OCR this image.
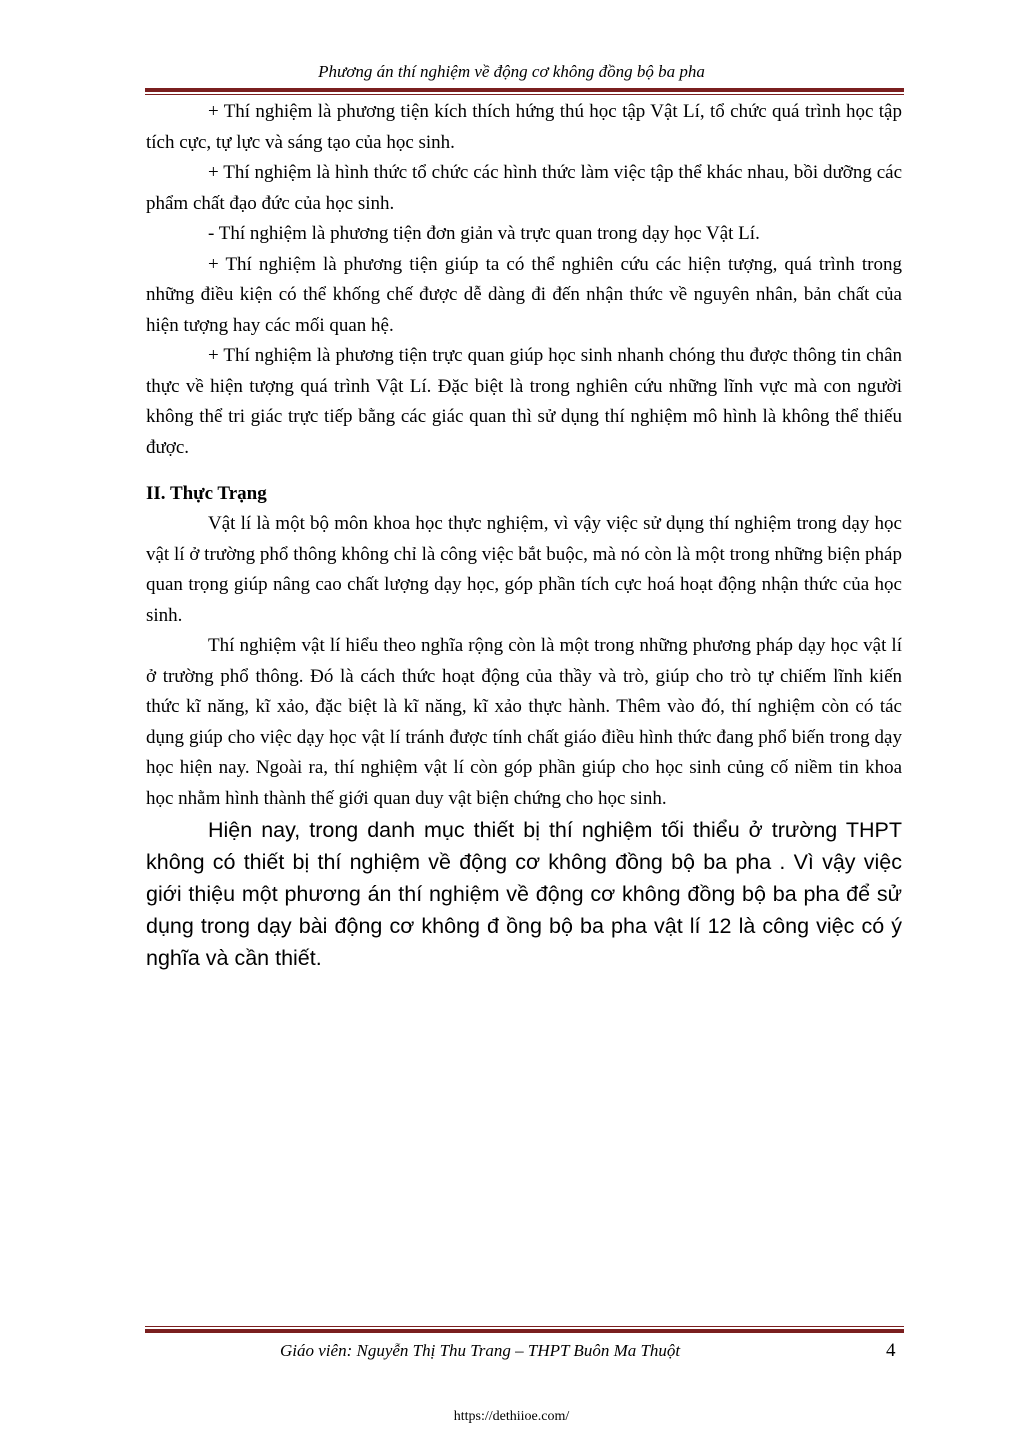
Phương án thí nghiệm về động cơ không đồng bộ ba pha

+ Thí nghiệm là phương tiện kích thích hứng thú học tập Vật Lí, tổ chức quá trình học tập tích cực, tự lực và sáng tạo của học sinh.

+ Thí nghiệm là hình thức tổ chức các hình thức làm việc tập thể khác nhau, bồi dưỡng các phẩm chất đạo đức của học sinh.

- Thí nghiệm là phương tiện đơn giản và trực quan trong dạy học Vật Lí.

+ Thí nghiệm là phương tiện giúp ta có thể nghiên cứu các hiện tượng, quá trình trong những điều kiện có thể khống chế được dễ dàng đi đến nhận thức về nguyên nhân, bản chất của hiện tượng hay các mối quan hệ.

+ Thí nghiệm là phương tiện trực quan giúp học sinh nhanh chóng thu được thông tin chân thực về hiện tượng quá trình Vật Lí. Đặc biệt là trong nghiên cứu những lĩnh vực mà con người không thể tri giác trực tiếp bằng các giác quan thì sử dụng thí nghiệm mô hình là không thể thiếu được.

II. Thực Trạng

Vật lí là một bộ môn khoa học thực nghiệm, vì vậy việc sử dụng thí nghiệm trong dạy học vật lí ở trường phổ thông không chỉ là công việc bắt buộc, mà nó còn là một trong những biện pháp quan trọng giúp nâng cao chất lượng dạy học, góp phần tích cực hoá hoạt động nhận thức của học sinh.

Thí nghiệm vật lí hiểu theo nghĩa rộng còn là một trong những phương pháp dạy học vật lí ở trường phổ thông. Đó là cách thức hoạt động của thầy và trò, giúp cho trò tự chiếm lĩnh kiến thức kĩ năng, kĩ xảo, đặc biệt là kĩ năng, kĩ xảo thực hành. Thêm vào đó, thí nghiệm còn có tác dụng giúp cho việc dạy học vật lí tránh được tính chất giáo điều hình thức đang phổ biến trong dạy học hiện nay. Ngoài ra, thí nghiệm vật lí còn góp phần giúp cho học sinh củng cố niềm tin khoa học nhằm hình thành thế giới quan duy vật biện chứng cho học sinh.

Hiện nay, trong danh mục thiết bị thí nghiệm tối thiểu ở trường THPT không có thiết bị thí nghiệm về động cơ không đồng bộ ba pha . Vì vậy việc giới thiệu một phương án thí nghiệm về động cơ không đồng bộ ba pha để sử dụng trong dạy bài động cơ không đ ồng bộ ba pha vật lí 12 là công việc có ý nghĩa và cần thiết.

Giáo viên: Nguyễn Thị Thu Trang – THPT Buôn Ma Thuột	4
https://dethiioe.com/
